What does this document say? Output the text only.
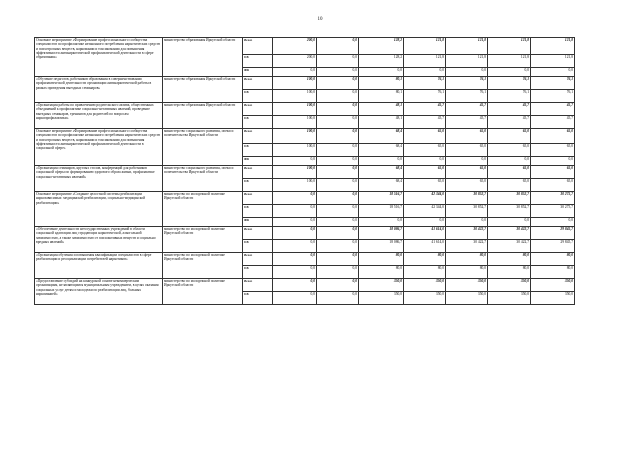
10
Основное мероприятие «Формирование профессионального сообщества специалистов по профилактике незаконного потребления наркотических средств и психотропных веществ, наркомании и токсикомании для повышения эффективности антинаркотической профилактической деятельности в сфере образования»	министерство образования Иркутской области	Всего	200,0	0,0	128,2	121,8	121,8	121,8	121,8
		ОБ	200,0	0,0	128,2	121,8	121,8	121,8	121,8
		ФБ	0,0	0,0	0,0	0,0	0,0	0,0	0,0
«Обучение педагогов, работников образования в совершенствовании профилактической деятельности организации антинаркотической работы в рамках проведения выездных семинаров»	министерство образования Иркутской области	Всего	100,0	0,0	80,1	76,1	76,1	76,1	76,1
		ОБ	100,0	0,0	80,1	76,1	76,1	76,1	76,1
«Организация работы по привлечению родительского актива, общественных объединений к профилактике социально-негативных явлений, проведение выездных семинаров, тренингов для родителей по вопросам наркопрофилактики»	министерство образования Иркутской области	Всего	100,0	0,0	48,1	45,7	45,7	45,7	45,7
		ОБ	100,0	0,0	48,1	45,7	45,7	45,7	45,7
Основное мероприятие «Формирование профессионального сообщества специалистов по профилактике незаконного потребления наркотических средств и психотропных веществ, наркомании и токсикомании для повышения эффективности антинаркотической профилактической деятельности в социальной сфере»	министерство социального развития, опеки и попечительства Иркутской области	Всего	100,0	0,0	68,4	65,0	65,0	65,0	65,0
		ОБ	100,0	0,0	68,4	65,0	65,0	65,0	65,0
		ФБ	0,0	0,0	0,0	0,0	0,0	0,0	0,0
«Организация семинаров, круглых столов, конференций для работников социальной сферы по формированию здорового образа жизни, профилактике социально-негативных явлений»	министерство социального развития, опеки и попечительства Иркутской области	Всего	100,0	0,0	68,4	65,0	65,0	65,0	65,0
		ОБ	100,0	0,0	68,4	65,0	65,0	65,0	65,0
Основное мероприятие «Создание целостной системы реабилитации наркозависимых: медицинской реабилитации, социально-медицинской реабилитации»	министерство по молодежной политике Иркутской области	Всего	0,0	0,0	18 516,7	42 344,0	30 852,7	30 852,7	30 275,7
		ОБ	0,0	0,0	18 516,7	42 344,0	30 852,7	30 852,7	30 275,7
		ФБ	0,0	0,0	0,0	0,0	0,0	0,0	0,0
«Обеспечение деятельности негосударственных учреждений в области социальной адаптации лиц страдающих наркотической, алкогольной зависимостью, а также зависимостью от психоактивных веществ и социально вредных явлений»	министерство по молодежной политике Иркутской области	Всего	0,0	0,0	18 086,7	41 614,0	30 422,7	30 422,7	29 845,7
		ОБ	0,0	0,0	18 086,7	41 614,0	30 422,7	30 422,7	29 845,7
«Организация обучения и повышения квалификации специалистов в сфере реабилитации и ресоциализации потребителей наркотиков»	министерство по молодежной политике Иркутской области	Всего	0,0	0,0	80,0	80,0	80,0	80,0	80,0
		ОБ	0,0	0,0	80,0	80,0	80,0	80,0	80,0
«Предоставление субсидий на конкурсной основе некоммерческим организациям, не являющимся муниципальным учреждением, в целях оказания социальных услуг детям и молодежи по реабилитации лиц, больных наркоманией»	министерство по молодежной политике Иркутской области	Всего	0,0	0,0	350,0	350,0	350,0	350,0	350,0
		ОБ	0,0	0,0	350,0	350,0	350,0	350,0	350,0
